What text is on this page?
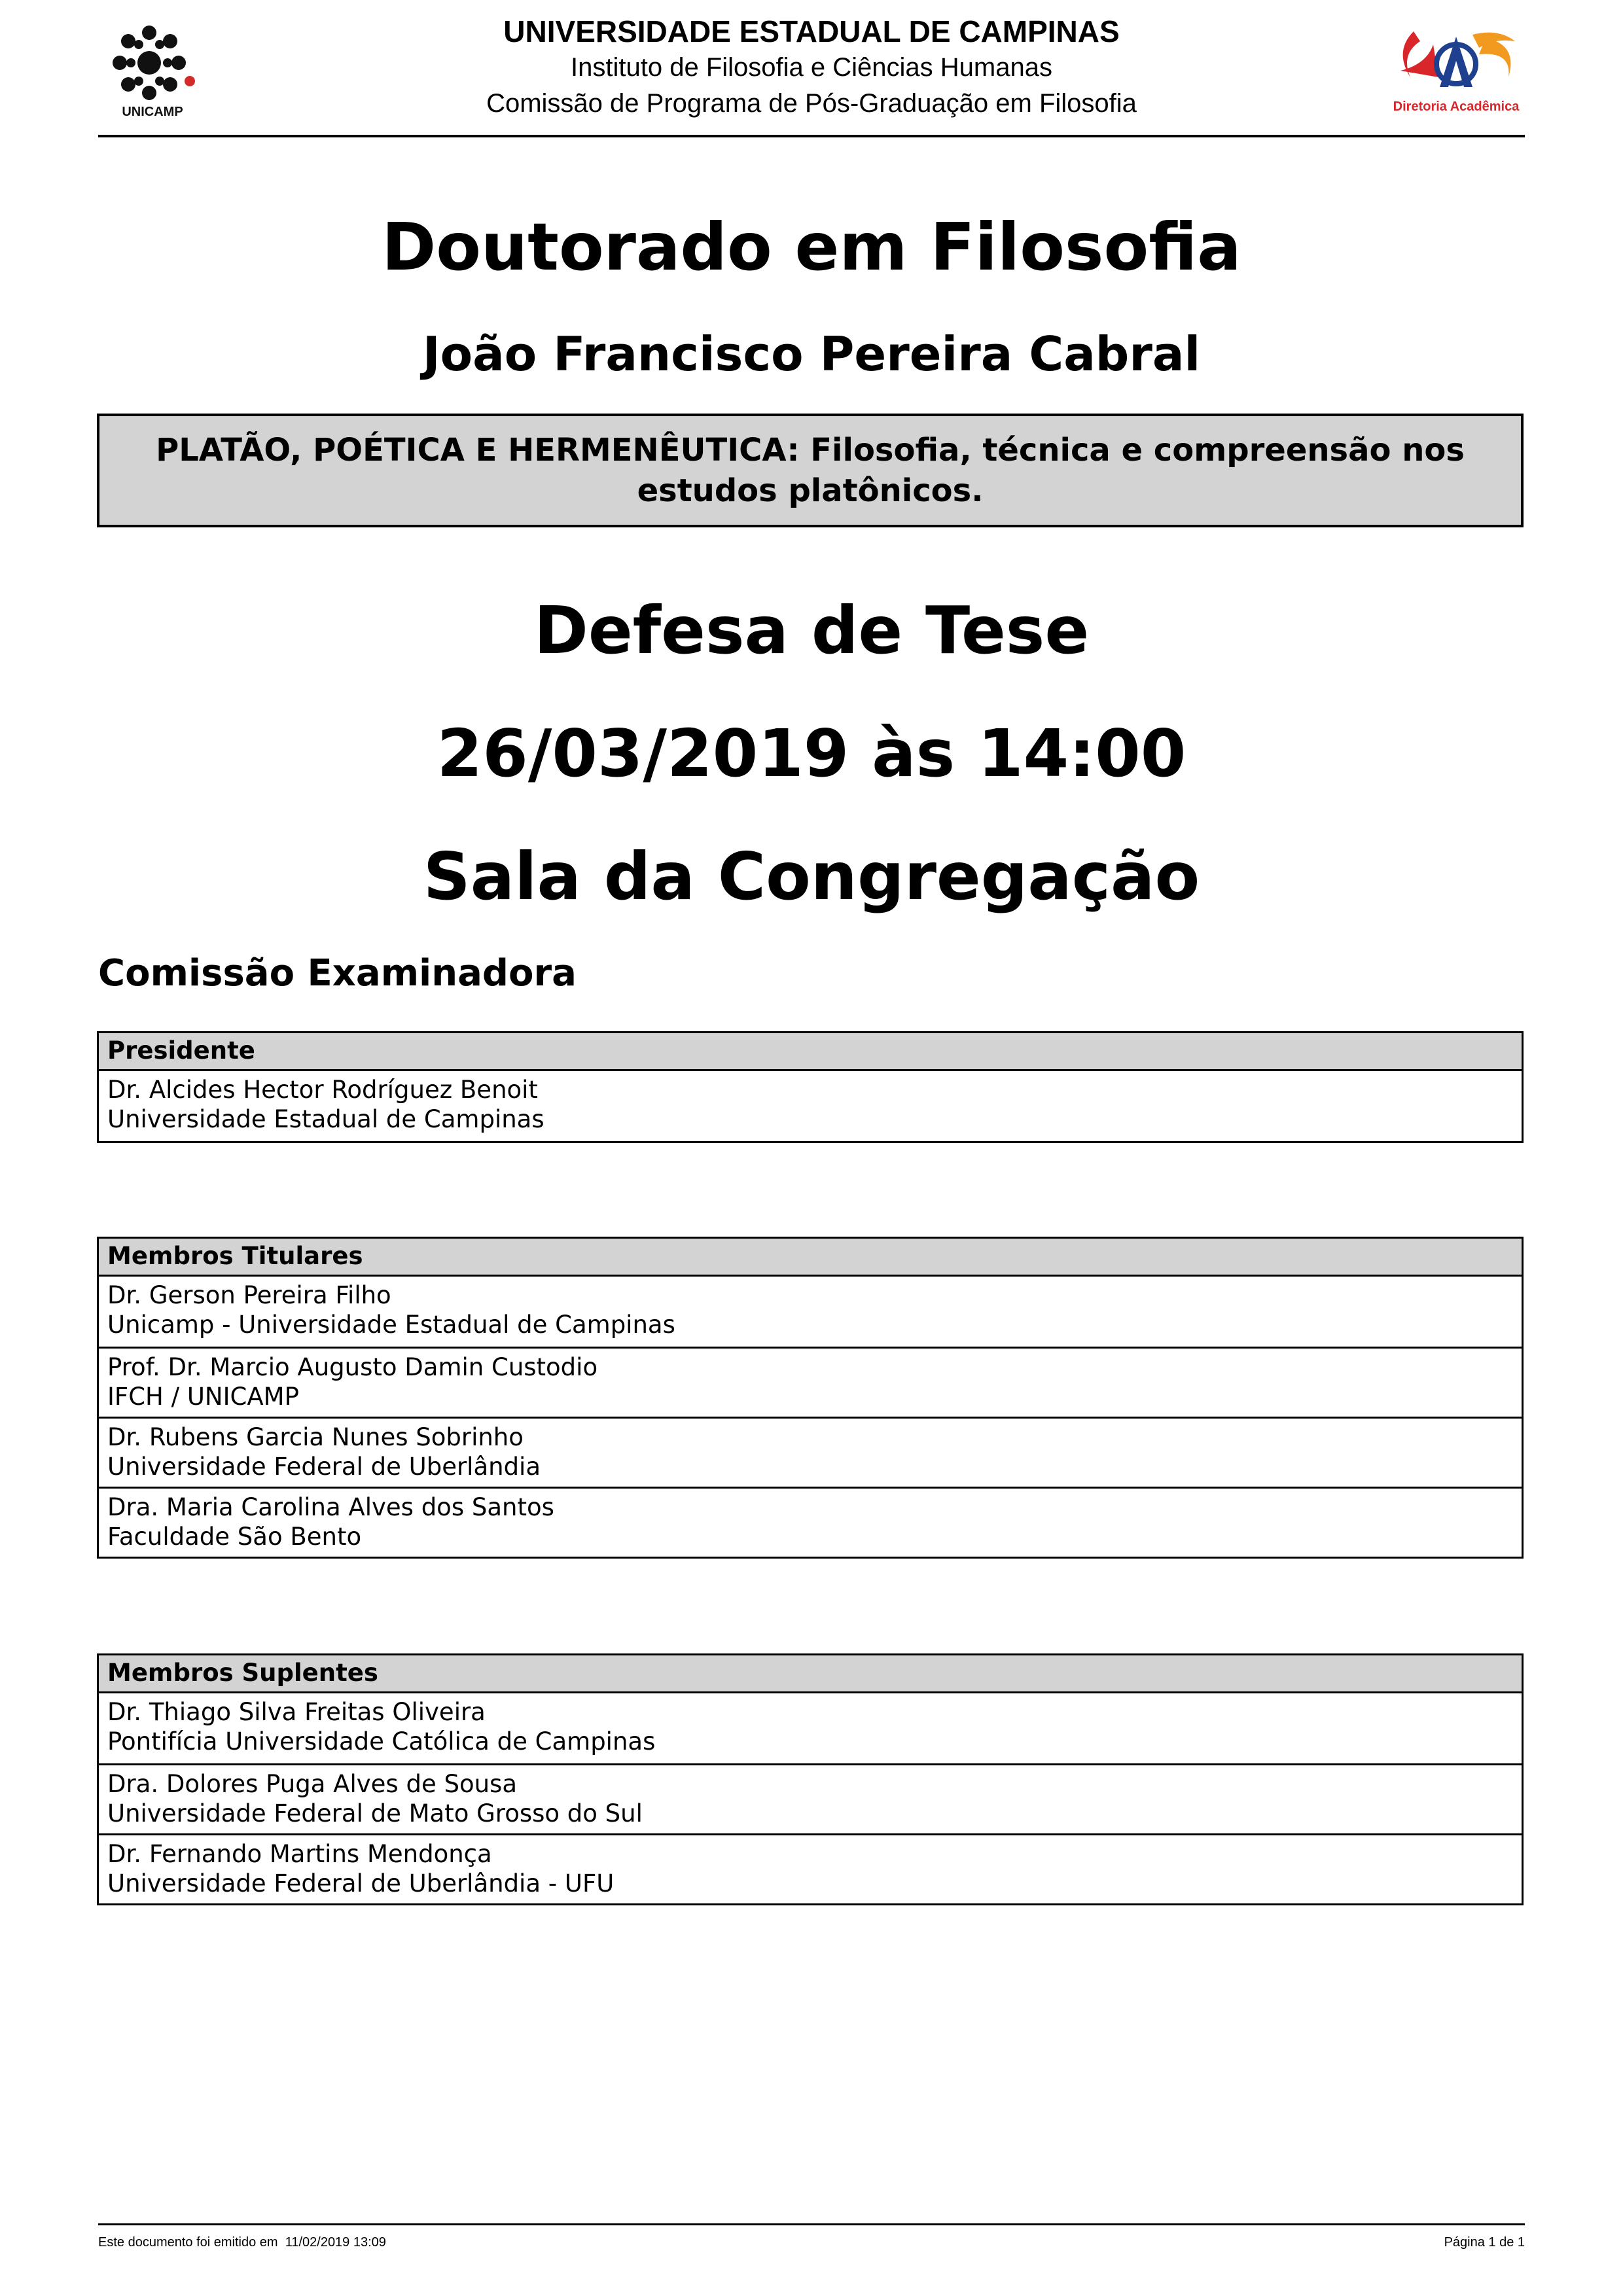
UNICAMP
UNIVERSIDADE ESTADUAL DE CAMPINAS
Instituto de Filosofia e Ciências Humanas
Comissão de Programa de Pós-Graduação em Filosofia	Diretoria Acadêmica
Doutorado em Filosofia
João Francisco Pereira Cabral
PLATÃO, POÉTICA E HERMENÊUTICA: Filosofia, técnica e compreensão nos estudos platônicos.
Defesa de Tese
26/03/2019 às 14:00
Sala da Congregação
Comissão Examinadora
Presidente
Dr. Alcides Hector Rodríguez Benoit
Universidade Estadual de Campinas
Membros Titulares
Dr. Gerson Pereira Filho
Unicamp - Universidade Estadual de Campinas
Prof. Dr. Marcio Augusto Damin Custodio
IFCH / UNICAMP
Dr. Rubens Garcia Nunes Sobrinho
Universidade Federal de Uberlândia
Dra. Maria Carolina Alves dos Santos
Faculdade São Bento
Membros Suplentes
Dr. Thiago Silva Freitas Oliveira
Pontifícia Universidade Católica de Campinas
Dra. Dolores Puga Alves de Sousa
Universidade Federal de Mato Grosso do Sul
Dr. Fernando Martins Mendonça
Universidade Federal de Uberlândia - UFU
Este documento foi emitido em  11/02/2019 13:09	Página 1 de 1
